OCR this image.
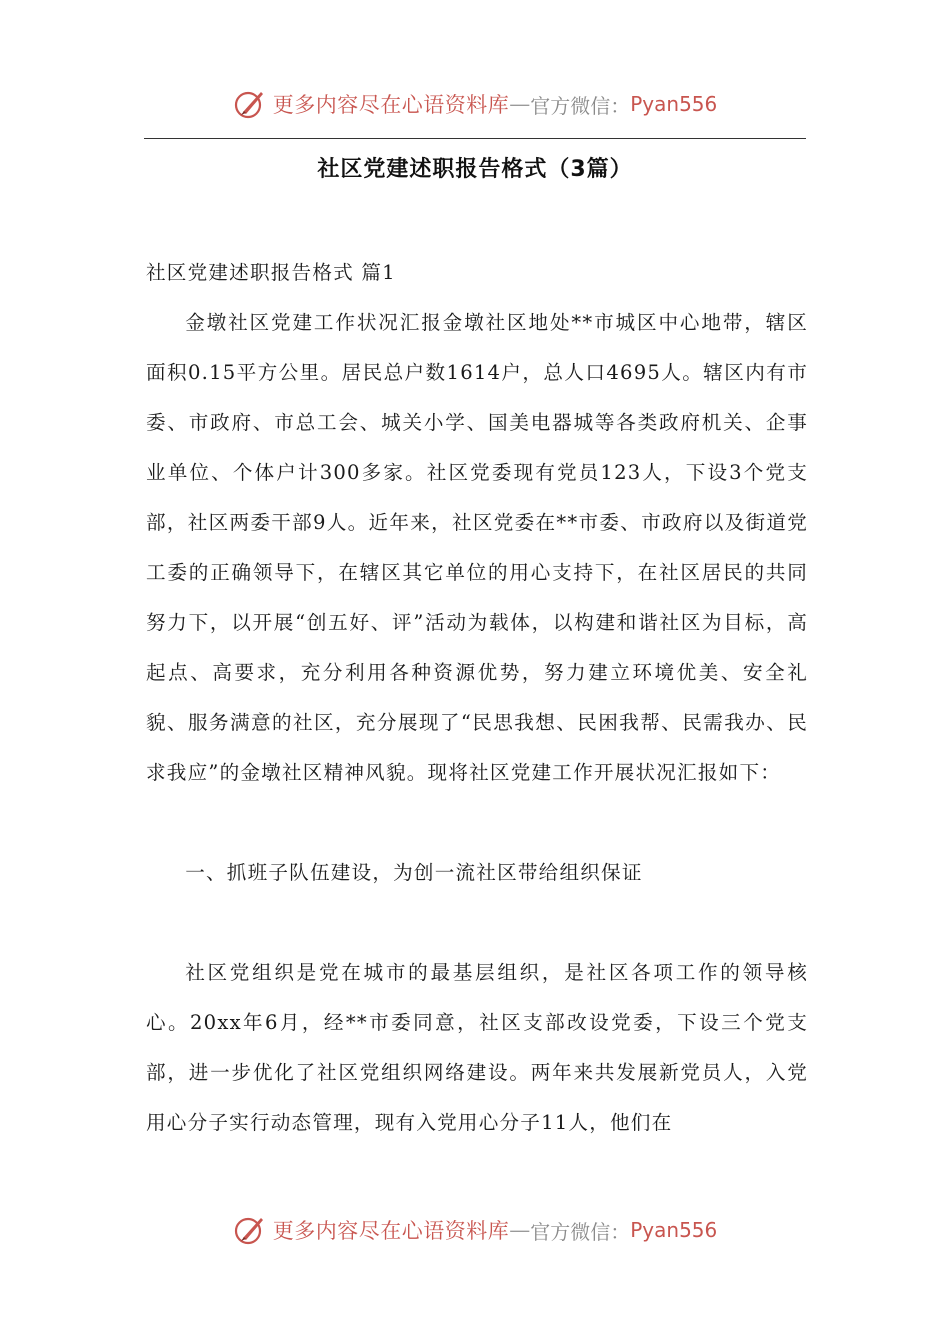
更多内容尽在心语资料库 — 官方微信： Pyan556
社区党建述职报告格式（3篇）

社区党建述职报告格式 篇1

金墩社区党建工作状况汇报金墩社区地处**市城区中心地带，辖区面积0.15平方公里。居民总户数1614户，总人口4695人。辖区内有市委、市政府、市总工会、城关小学、国美电器城等各类政府机关、企事业单位、个体户计300多家。社区党委现有党员123人，下设3个党支部，社区两委干部9人。近年来，社区党委在**市委、市政府以及街道党工委的正确领导下，在辖区其它单位的用心支持下，在社区居民的共同努力下，以开展“创五好、评”活动为载体，以构建和谐社区为目标，高起点、高要求，充分利用各种资源优势，努力建立环境优美、安全礼貌、服务满意的社区，充分展现了“民思我想、民困我帮、民需我办、民求我应”的金墩社区精神风貌。现将社区党建工作开展状况汇报如下：

一、抓班子队伍建设，为创一流社区带给组织保证

社区党组织是党在城市的最基层组织，是社区各项工作的领导核心。20xx年6月，经**市委同意，社区支部改设党委，下设三个党支部，进一步优化了社区党组织网络建设。两年来共发展新党员人，入党用心分子实行动态管理，现有入党用心分子11人，他们在

更多内容尽在心语资料库 — 官方微信： Pyan556
